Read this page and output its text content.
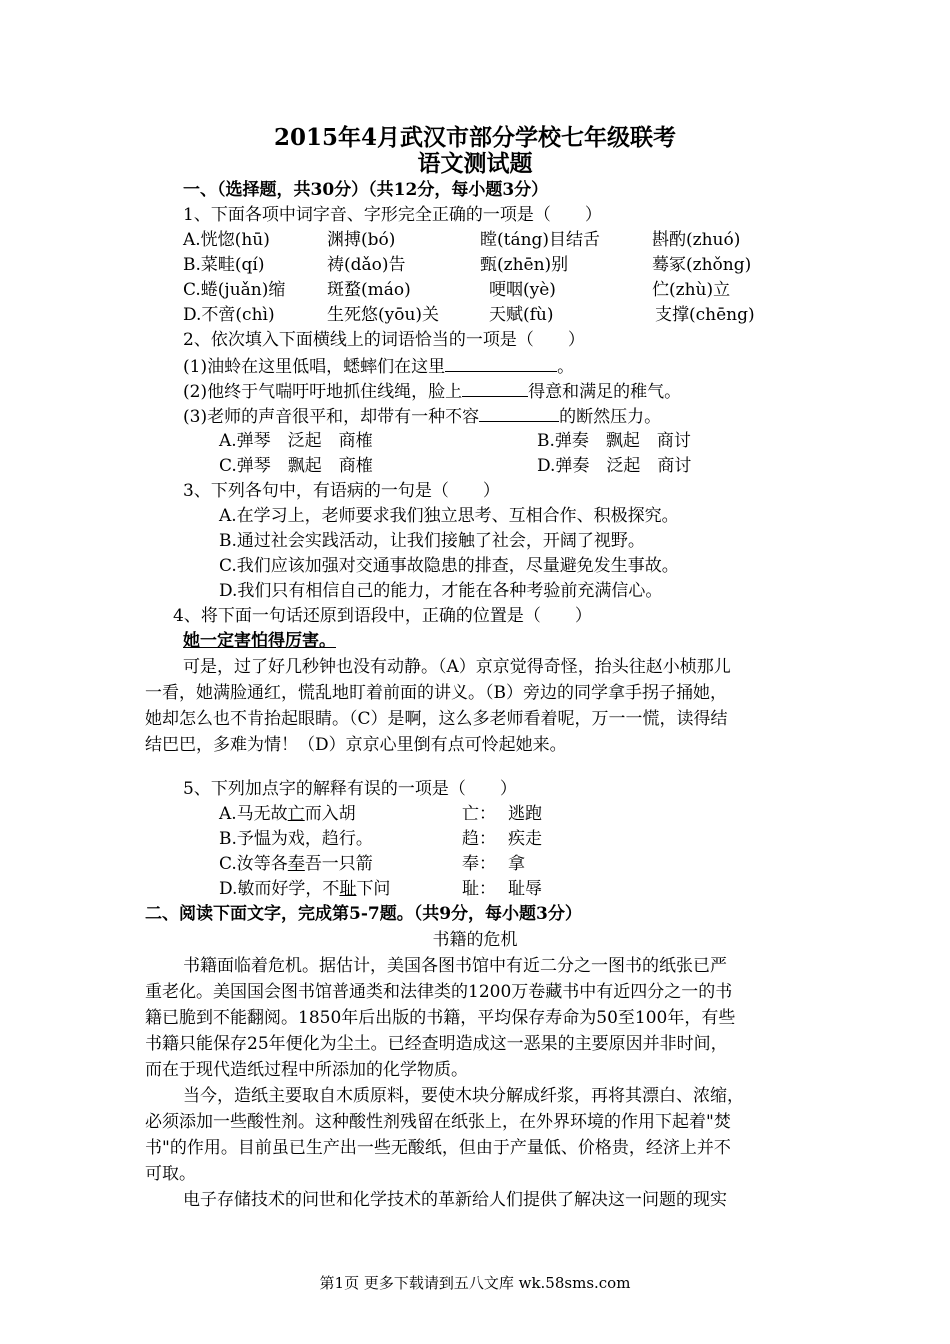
2015年4月武汉市部分学校七年级联考
语文测试题
一、（选择题，共30分）（共12分，每小题3分）
1、下面各项中词字音、字形完全正确的一项是（　　）
A.恍惚(hū)	渊搏(bó)	瞠(táng)目结舌	斟酌(zhuó)
B.菜畦(qí)	祷(dǎo)告	甄(zhēn)别	蓦冢(zhǒng)
C.蜷(juǎn)缩 斑蝥(máo)	哽咽(yè)	伫(zhù)立
D.不啻(chì)	生死悠(yōu)关	天赋(fù)	支撑(chēng)
2、依次填入下面横线上的词语恰当的一项是（　　）
(1)油蛉在这里低唱，蟋蟀们在这里	。
(2)他终于气喘吁吁地抓住线绳，脸上	得意和满足的稚气。
(3)老师的声音很平和，却带有一种不容	的断然压力。
A.弹琴　泛起　商榷	B.弹奏　飘起　商讨
C.弹琴　飘起　商榷	D.弹奏　泛起　商讨
3、下列各句中，有语病的一句是（　　）
A.在学习上，老师要求我们独立思考、互相合作、积极探究。
B.通过社会实践活动，让我们接触了社会，开阔了视野。
C.我们应该加强对交通事故隐患的排查，尽量避免发生事故。
D.我们只有相信自己的能力，才能在各种考验前充满信心。
4、将下面一句话还原到语段中，正确的位置是（　　）
她一定害怕得厉害。
可是，过了好几秒钟也没有动静。（A）京京觉得奇怪，抬头往赵小桢那儿
一看，她满脸通红，慌乱地盯着前面的讲义。（B）旁边的同学拿手拐子捅她，
她却怎么也不肯抬起眼睛。（C）是啊，这么多老师看着呢，万一一慌，读得结
结巴巴，多难为情！（D）京京心里倒有点可怜起她来。
5、下列加点字的解释有误的一项是（　　）
A.马无故亡而入胡	亡： 逃跑
B.予愠为戏，趋行。	趋： 疾走
C.汝等各奉吾一只箭	奉： 拿
D.敏而好学，不耻下问	耻： 耻辱
二、阅读下面文字，完成第5-7题。（共9分，每小题3分）
书籍的危机
书籍面临着危机。据估计，美国各图书馆中有近二分之一图书的纸张已严
重老化。美国国会图书馆普通类和法律类的1200万卷藏书中有近四分之一的书
籍已脆到不能翻阅。1850年后出版的书籍，平均保存寿命为50至100年，有些
书籍只能保存25年便化为尘土。已经查明造成这一恶果的主要原因并非时间，
而在于现代造纸过程中所添加的化学物质。
当今，造纸主要取自木质原料，要使木块分解成纤浆，再将其漂白、浓缩，
必须添加一些酸性剂。这种酸性剂残留在纸张上，在外界环境的作用下起着"焚
书"的作用。目前虽已生产出一些无酸纸，但由于产量低、价格贵，经济上并不
可取。
电子存储技术的问世和化学技术的革新给人们提供了解决这一问题的现实
第1页 更多下载请到五八文库 wk.58sms.com
